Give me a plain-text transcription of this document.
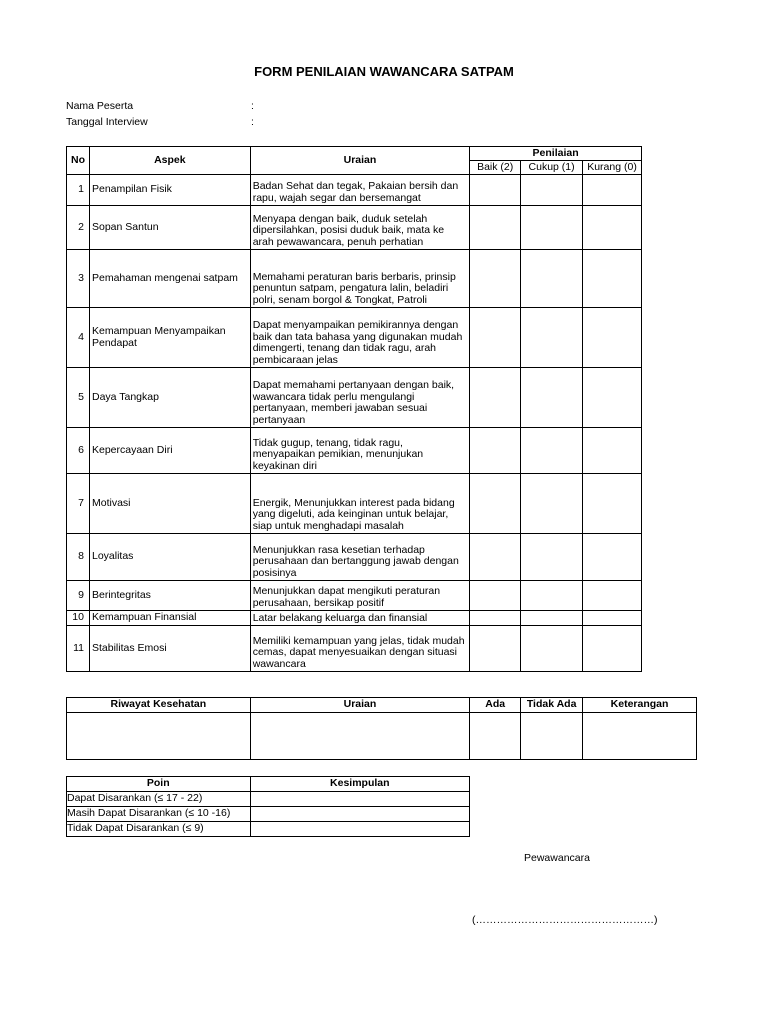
FORM PENILAIAN WAWANCARA SATPAM
Nama Peserta	:
Tanggal Interview	:
No	Aspek	Uraian	Penilaian		
			Baik (2)	Cukup (1)	Kurang (0)
1	Penampilan Fisik	Badan Sehat dan tegak, Pakaian bersih dan rapu, wajah segar dan bersemangat			
2	Sopan Santun	Menyapa dengan baik, duduk setelah dipersilahkan, posisi duduk baik, mata ke arah pewawancara, penuh perhatian			
3	Pemahaman mengenai satpam	Memahami peraturan baris berbaris, prinsip penuntun satpam, pengatura lalin, beladiri polri, senam borgol & Tongkat, Patroli			
4	Kemampuan Menyampaikan Pendapat	Dapat menyampaikan pemikirannya dengan baik dan tata bahasa yang digunakan mudah dimengerti, tenang dan tidak ragu, arah pembicaraan jelas			
5	Daya Tangkap	Dapat memahami pertanyaan dengan baik, wawancara tidak perlu mengulangi pertanyaan, memberi jawaban sesuai pertanyaan			
6	Kepercayaan Diri	Tidak gugup, tenang, tidak ragu, menyapaikan pemikian, menunjukan keyakinan diri			
7	Motivasi	Energik, Menunjukkan interest pada bidang yang digeluti, ada keinginan untuk belajar, siap untuk menghadapi masalah			
8	Loyalitas	Menunjukkan rasa kesetian terhadap perusahaan dan bertanggung jawab dengan posisinya			
9	Berintegritas	Menunjukkan dapat mengikuti peraturan perusahaan, bersikap positif			
10	Kemampuan Finansial	Latar belakang keluarga dan finansial			
11	Stabilitas Emosi	Memiliki kemampuan yang jelas, tidak mudah cemas, dapat menyesuaikan dengan situasi wawancara			
Riwayat Kesehatan	Uraian	Ada	Tidak Ada	Keterangan

Poin	Kesimpulan
Dapat Disarankan (≤ 17 - 22)	
Masih Dapat Disarankan (≤ 10 -16)	
Tidak Dapat Disarankan (≤ 9)	
Pewawancara
(……………………………………………)
